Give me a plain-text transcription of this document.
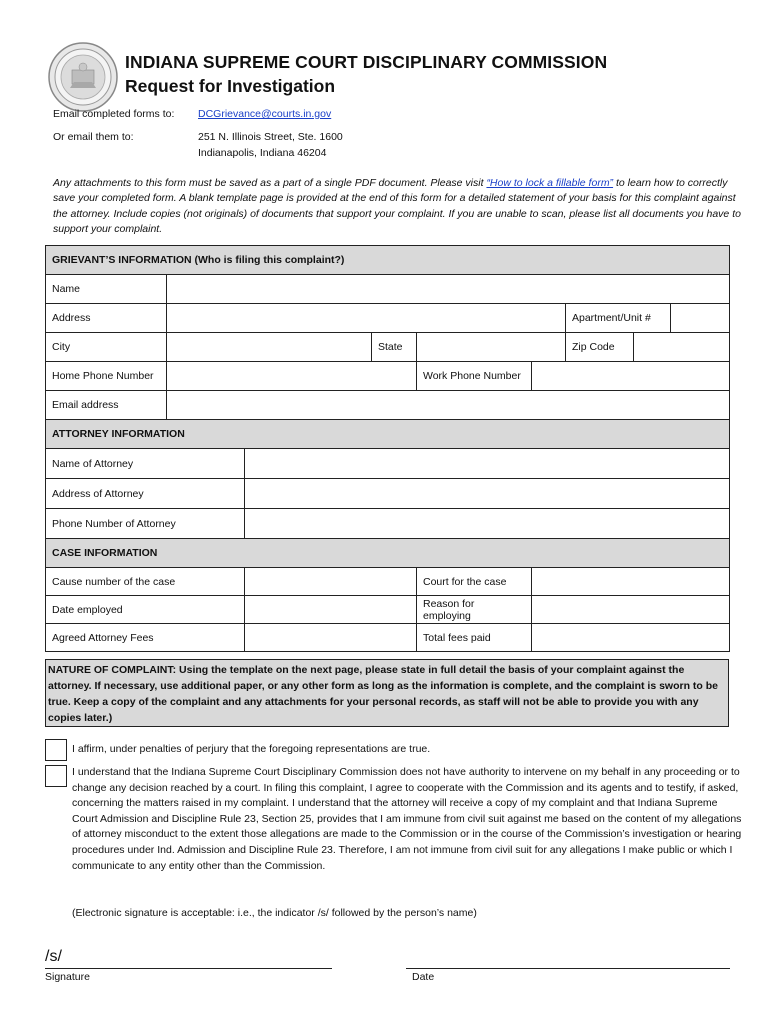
INDIANA SUPREME COURT DISCIPLINARY COMMISSION
Request for Investigation
Email completed forms to: DCGrievance@courts.in.gov
Or email them to:	251 N. Illinois Street, Ste. 1600
Indianapolis, Indiana 46204
Any attachments to this form must be saved as a part of a single PDF document. Please visit “How to lock a fillable form” to learn how to correctly save your completed form. A blank template page is provided at the end of this form for a detailed statement of your basis for this complaint against the attorney. Include copies (not originals) of documents that support your complaint. If you are unable to scan, please list all documents you have to support your complaint.
GRIEVANT’S INFORMATION (Who is filing this complaint?)								
Name								
Address						Apartment/Unit #		
City			State			Zip Code		
Home Phone Number				Work Phone Number				
Email address								
ATTORNEY INFORMATION								
Name of Attorney								
Address of Attorney								
Phone Number of Attorney								
CASE INFORMATION								
Cause number of the case				Court for the case				
Date employed				Reason for employing				
Agreed Attorney Fees				Total fees paid				
NATURE OF COMPLAINT: Using the template on the next page, please state in full detail the basis of your complaint against the attorney. If necessary, use additional paper, or any other form as long as the information is complete, and the complaint is sworn to be true. Keep a copy of the complaint and any attachments for your personal records, as staff will not be able to provide you with any copies later.)
I affirm, under penalties of perjury that the foregoing representations are true.
I understand that the Indiana Supreme Court Disciplinary Commission does not have authority to intervene on my behalf in any proceeding or to change any decision reached by a court. In filing this complaint, I agree to cooperate with the Commission and its agents and to testify, if asked, concerning the matters raised in my complaint. I understand that the attorney will receive a copy of my complaint and that Indiana Supreme Court Admission and Discipline Rule 23, Section 25, provides that I am immune from civil suit against me based on the content of my allegations of attorney misconduct to the extent those allegations are made to the Commission or in the course of the Commission’s investigation or hearing procedures under Ind. Admission and Discipline Rule 23. Therefore, I am not immune from civil suit for any allegations I make public or which I communicate to any entity other than the Commission.
(Electronic signature is acceptable: i.e., the indicator /s/ followed by the person’s name)
/s/
Signature	Date
